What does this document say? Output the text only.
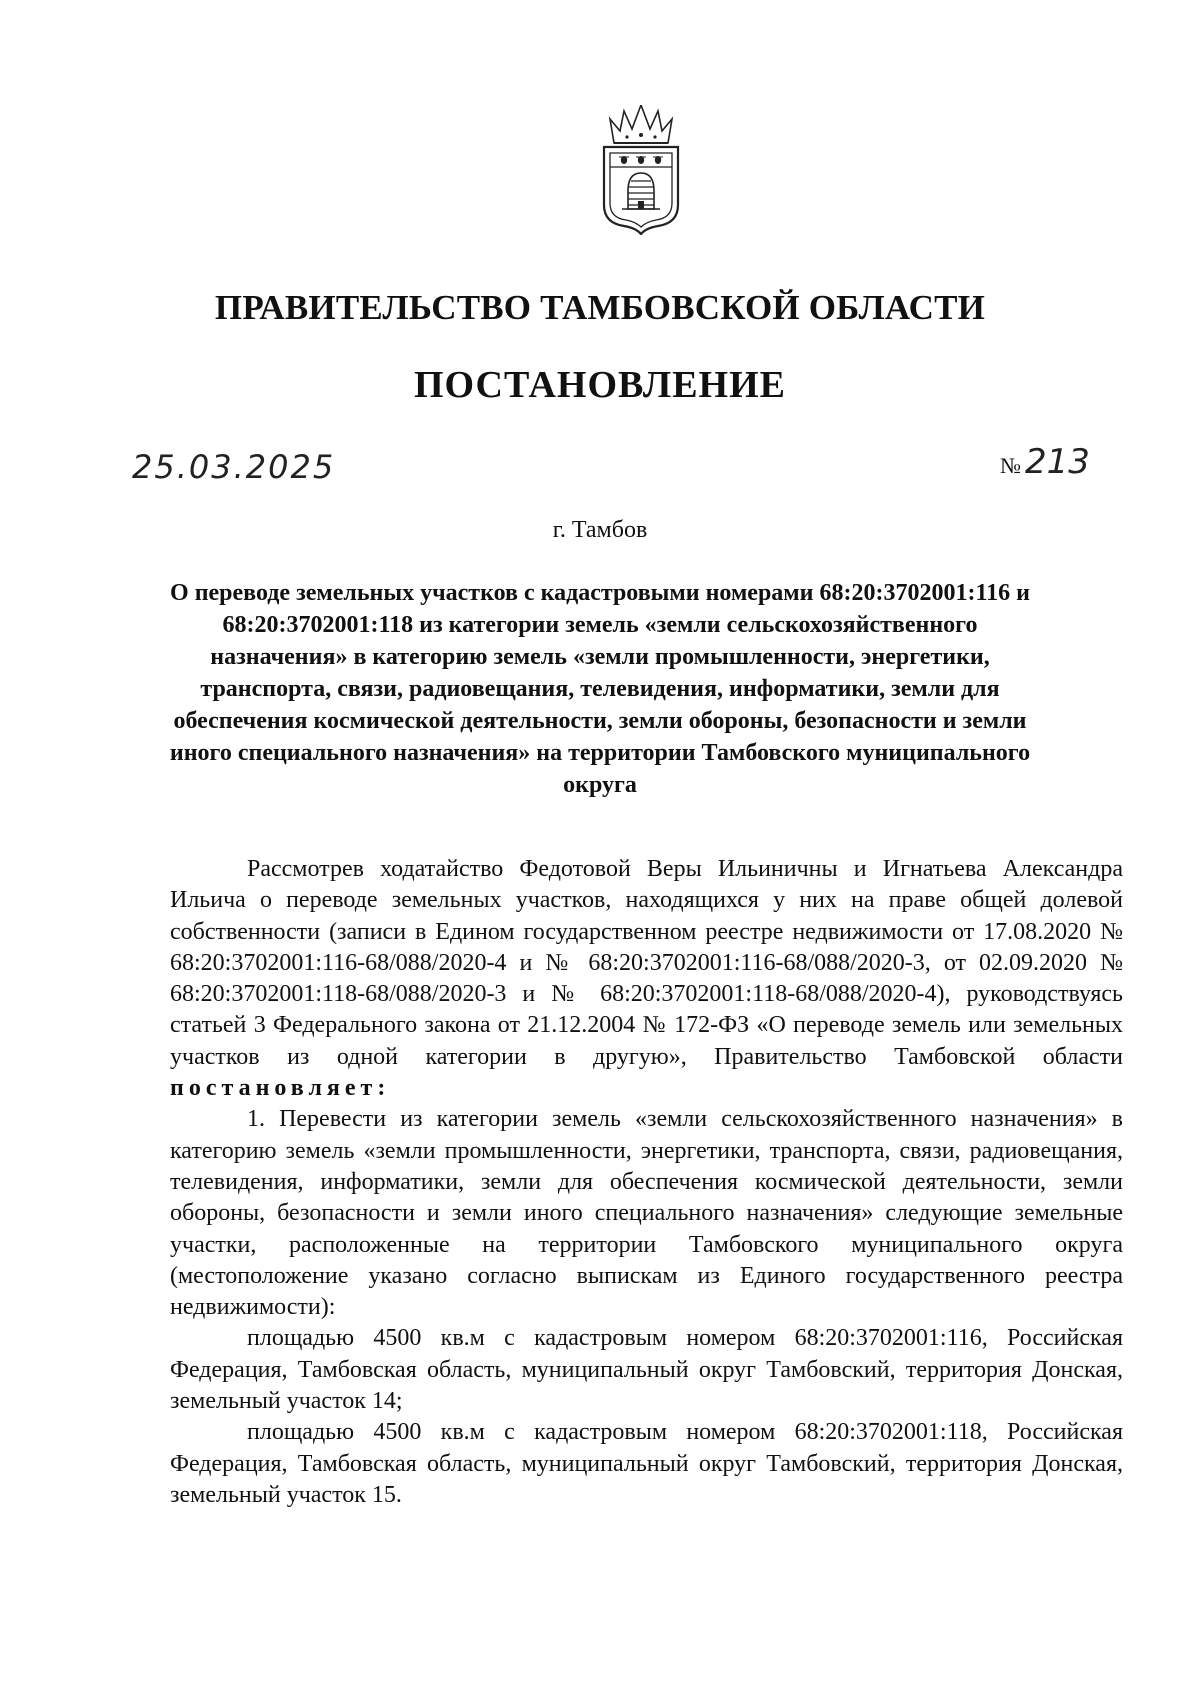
ПРАВИТЕЛЬСТВО ТАМБОВСКОЙ ОБЛАСТИ
ПОСТАНОВЛЕНИЕ
25.03.2025	№ 213
г. Тамбов
О переводе земельных участков с кадастровыми номерами 68:20:3702001:116 и 68:20:3702001:118 из категории земель «земли сельскохозяйственного назначения» в категорию земель «земли промышленности, энергетики, транспорта, связи, радиовещания, телевидения, информатики, земли для обеспечения космической деятельности, земли обороны, безопасности и земли иного специального назначения» на территории Тамбовского муниципального округа

Рассмотрев ходатайство Федотовой Веры Ильиничны и Игнатьева Александра Ильича о переводе земельных участков, находящихся у них на праве общей долевой собственности (записи в Едином государственном реестре недвижимости от 17.08.2020 № 68:20:3702001:116-68/088/2020-4 и № 68:20:3702001:116-68/088/2020-3, от 02.09.2020 № 68:20:3702001:118-68/088/2020-3 и № 68:20:3702001:118-68/088/2020-4), руководствуясь статьей 3 Федерального закона от 21.12.2004 № 172-ФЗ «О переводе земель или земельных участков из одной категории в другую», Правительство Тамбовской области постановляет:

1. Перевести из категории земель «земли сельскохозяйственного назначения» в категорию земель «земли промышленности, энергетики, транспорта, связи, радиовещания, телевидения, информатики, земли для обеспечения космической деятельности, земли обороны, безопасности и земли иного специального назначения» следующие земельные участки, расположенные на территории Тамбовского муниципального округа (местоположение указано согласно выпискам из Единого государственного реестра недвижимости):

площадью 4500 кв.м с кадастровым номером 68:20:3702001:116, Российская Федерация, Тамбовская область, муниципальный округ Тамбовский, территория Донская, земельный участок 14;

площадью 4500 кв.м с кадастровым номером 68:20:3702001:118, Российская Федерация, Тамбовская область, муниципальный округ Тамбовский, территория Донская, земельный участок 15.
